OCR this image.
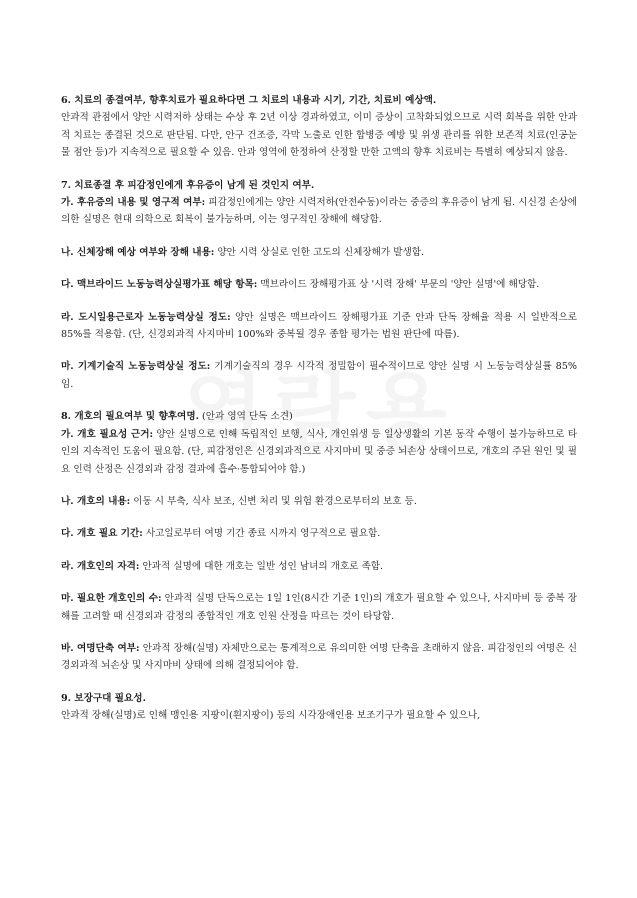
6. 치료의 종결여부, 향후치료가 필요하다면 그 치료의 내용과 시기, 기간, 치료비 예상액.

안과적 관점에서 양안 시력저하 상태는 수상 후 2년 이상 경과하였고, 이미 증상이 고착화되었으므로 시력 회복을 위한 안과적 치료는 종결된 것으로 판단됨. 다만, 안구 건조증, 각막 노출로 인한 합병증 예방 및 위생 관리를 위한 보존적 치료(인공눈물 점안 등)가 지속적으로 필요할 수 있음. 안과 영역에 한정하여 산정할 만한 고액의 향후 치료비는 특별히 예상되지 않음.

7. 치료종결 후 피감정인에게 후유증이 남게 된 것인지 여부.

가. 후유증의 내용 및 영구적 여부: 피감정인에게는 양안 시력저하(안전수동)이라는 중증의 후유증이 남게 됨. 시신경 손상에 의한 실명은 현대 의학으로 회복이 불가능하며, 이는 영구적인 장해에 해당함.

나. 신체장해 예상 여부와 장해 내용: 양안 시력 상실로 인한 고도의 신체장해가 발생함.

다. 맥브라이드 노동능력상실평가표 해당 항목: 맥브라이드 장해평가표 상 '시력 장해' 부문의 '양안 실명'에 해당함.

라. 도시일용근로자 노동능력상실 정도: 양안 실명은 맥브라이드 장해평가표 기준 안과 단독 장해율 적용 시 일반적으로 85%를 적용함. (단, 신경외과적 사지마비 100%와 중복될 경우 종합 평가는 법원 판단에 따름).

마. 기계기술직 노동능력상실 정도: 기계기술직의 경우 시각적 정밀함이 필수적이므로 양안 실명 시 노동능력상실률 85% 임.

8. 개호의 필요여부 및 향후여명. (안과 영역 단독 소견)

가. 개호 필요성 근거: 양안 실명으로 인해 독립적인 보행, 식사, 개인위생 등 일상생활의 기본 동작 수행이 불가능하므로 타인의 지속적인 도움이 필요함. (단, 피감정인은 신경외과적으로 사지마비 및 중증 뇌손상 상태이므로, 개호의 주된 원인 및 필요 인력 산정은 신경외과 감정 결과에 흡수·통합되어야 함.)

나. 개호의 내용: 이동 시 부축, 식사 보조, 신변 처리 및 위험 환경으로부터의 보호 등.

다. 개호 필요 기간: 사고일로부터 여명 기간 종료 시까지 영구적으로 필요함.

라. 개호인의 자격: 안과적 실명에 대한 개호는 일반 성인 남녀의 개호로 족함.

마. 필요한 개호인의 수: 안과적 실명 단독으로는 1일 1인(8시간 기준 1인)의 개호가 필요할 수 있으나, 사지마비 등 중복 장해를 고려할 때 신경외과 감정의 종합적인 개호 인원 산정을 따르는 것이 타당함.

바. 여명단축 여부: 안과적 장해(실명) 자체만으로는 통계적으로 유의미한 여명 단축을 초래하지 않음. 피감정인의 여명은 신경외과적 뇌손상 및 사지마비 상태에 의해 결정되어야 함.

9. 보장구대 필요성.

안과적 장해(실명)로 인해 맹인용 지팡이(흰지팡이) 등의 시각장애인용 보조기구가 필요할 수 있으나,
